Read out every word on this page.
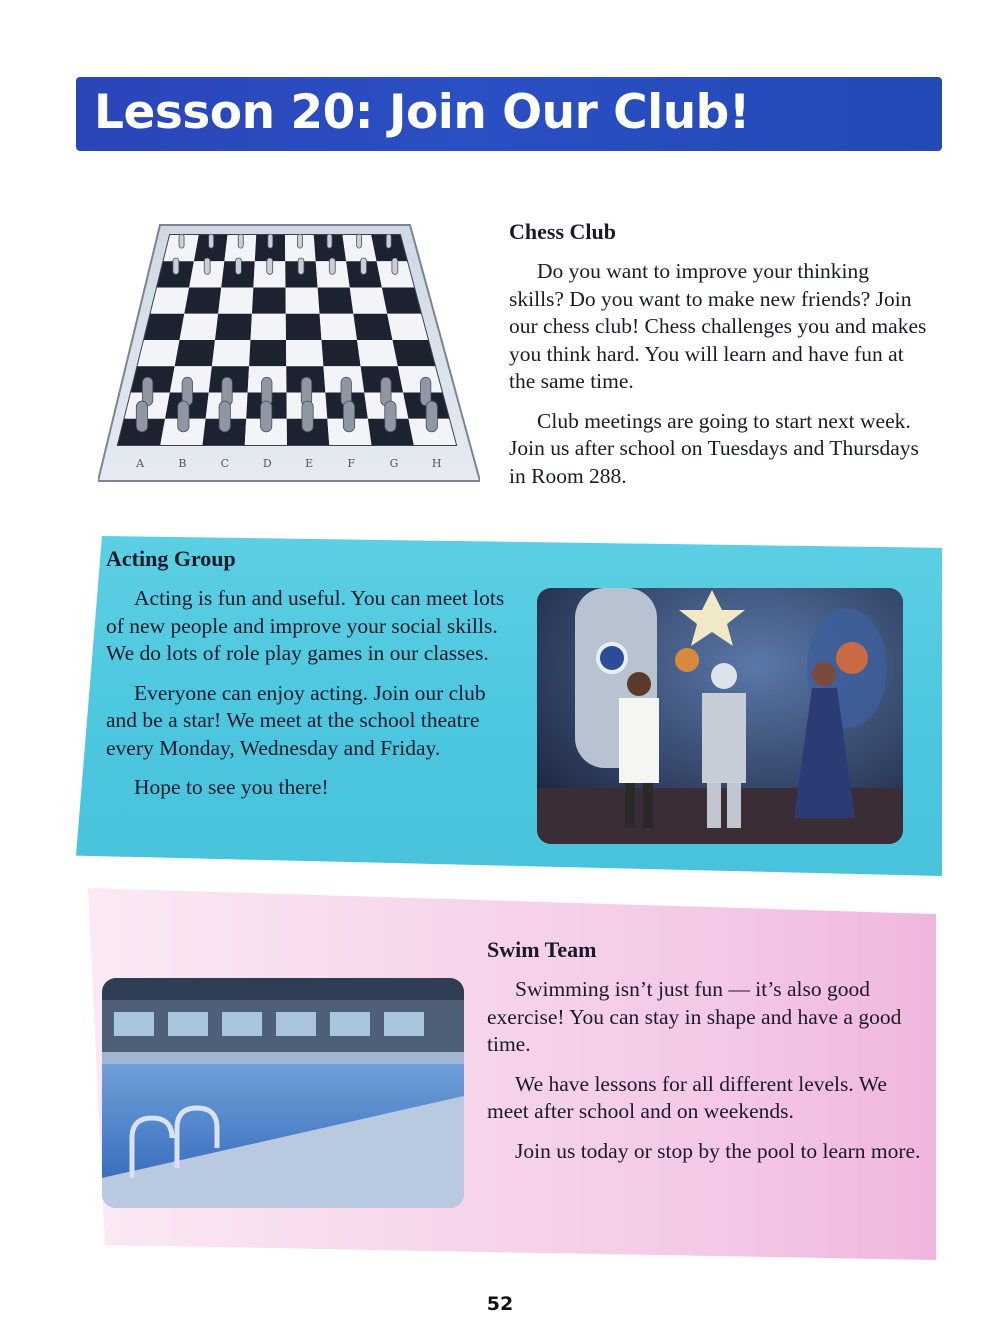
Lesson 20: Join Our Club!
A	B	C	D	E	F	G	H
Chess Club

Do you want to improve your thinking skills? Do you want to make new friends? Join our chess club! Chess challenges you and makes you think hard. You will learn and have fun at the same time.

Club meetings are going to start next week. Join us after school on Tuesdays and Thursdays in Room 288.

Acting Group

Acting is fun and useful. You can meet lots of new people and improve your social skills. We do lots of role play games in our classes.

Everyone can enjoy acting. Join our club and be a star! We meet at the school theatre every Monday, Wednesday and Friday.

Hope to see you there!

Swim Team

Swimming isn’t just fun — it’s also good exercise! You can stay in shape and have a good time.

We have lessons for all different levels. We meet after school and on weekends.

Join us today or stop by the pool to learn more.

52
